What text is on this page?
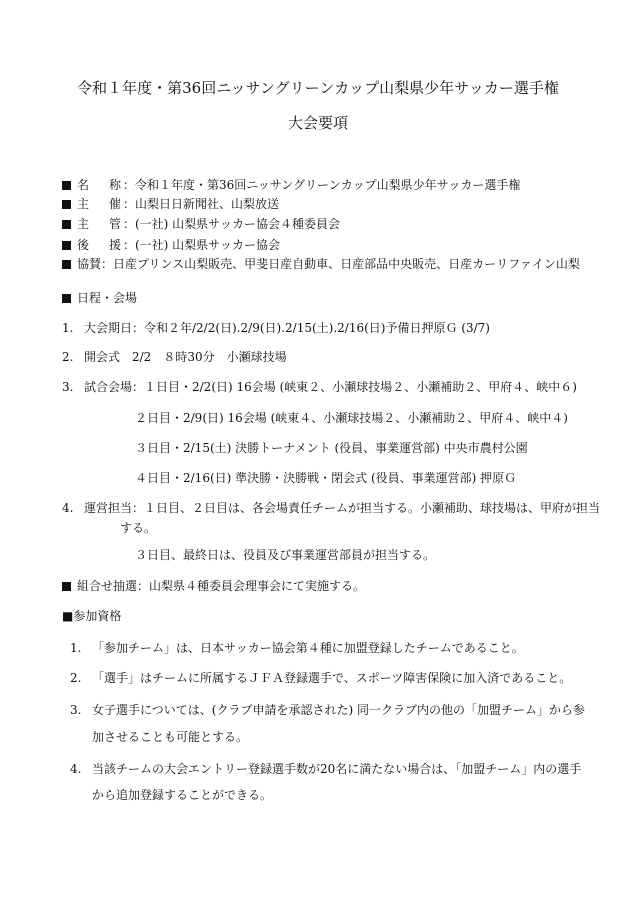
令和１年度・第36回ニッサングリーンカップ山梨県少年サッカー選手権
大会要項
名 称 ：令和１年度・第36回ニッサングリーンカップ山梨県少年サッカー選手権
主 催 ：山梨日日新聞社、山梨放送
主 管 ：(一社) 山梨県サッカー協会４種委員会
後 援 ：(一社) 山梨県サッカー協会
協賛：日産プリンス山梨販売、甲斐日産自動車、日産部品中央販売、日産カーリファイン山梨
日程・会場
1. 大会期日：令和２年/2/2(日).2/9(日).2/15(土).2/16(日)予備日押原Ｇ (3/7)
2. 開会式　2/2　８時30分　小瀬球技場
3. 試合会場：１日目・2/2(日) 16会場 (峡東２、小瀬球技場２、小瀬補助２、甲府４、峡中６)
２日目・2/9(日) 16会場 (峡東４、小瀬球技場２、小瀬補助２、甲府４、峡中４)
３日目・2/15(土) 決勝トーナメント (役員、事業運営部) 中央市農村公園
４日目・2/16(日) 準決勝・決勝戦・閉会式 (役員、事業運営部) 押原Ｇ
4. 運営担当：１日目、２日目は、各会場責任チームが担当する。小瀬補助、球技場は、甲府が担当
する。
３日目、最終日は、役員及び事業運営部員が担当する。
組合せ抽選：山梨県４種委員会理事会にて実施する。
■参加資格
1. 「参加チーム」は、日本サッカー協会第４種に加盟登録したチームであること。
2. 「選手」はチームに所属するＪＦＡ登録選手で、スポーツ障害保険に加入済であること。
3. 女子選手については、(クラブ申請を承認された) 同一クラブ内の他の「加盟チーム」から参
加させることも可能とする。
4. 当該チームの大会エントリー登録選手数が20名に満たない場合は、「加盟チーム」内の選手
から追加登録することができる。
